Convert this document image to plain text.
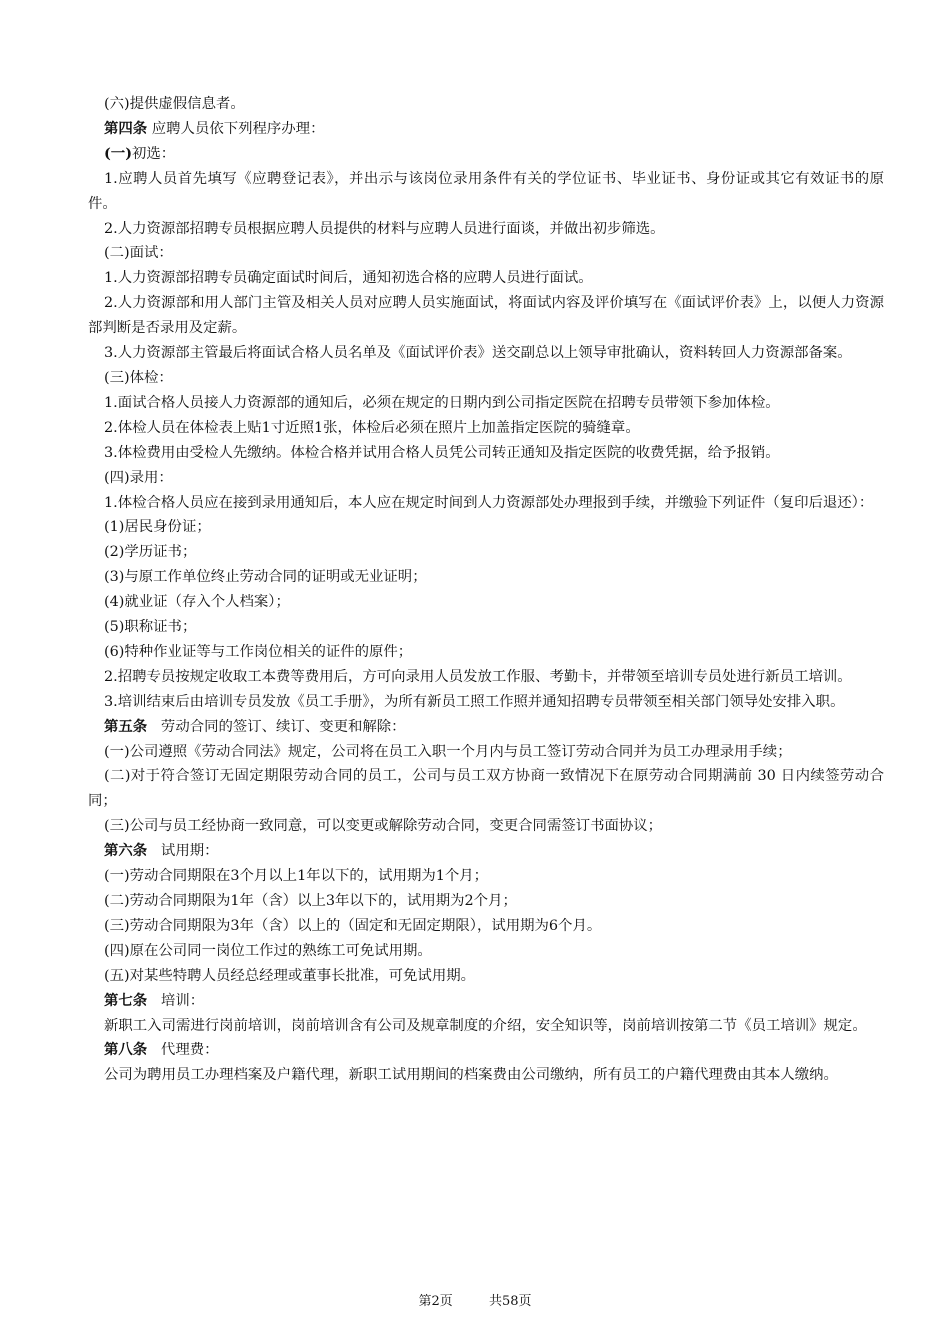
(六)提供虚假信息者。

第四条 应聘人员依下列程序办理：

(一)初选：

1.应聘人员首先填写《应聘登记表》，并出示与该岗位录用条件有关的学位证书、毕业证书、身份证或其它有效证书的原件。

2.人力资源部招聘专员根据应聘人员提供的材料与应聘人员进行面谈，并做出初步筛选。

(二)面试：

1.人力资源部招聘专员确定面试时间后，通知初选合格的应聘人员进行面试。

2.人力资源部和用人部门主管及相关人员对应聘人员实施面试，将面试内容及评价填写在《面试评价表》上，以便人力资源部判断是否录用及定薪。

3.人力资源部主管最后将面试合格人员名单及《面试评价表》送交副总以上领导审批确认，资料转回人力资源部备案。

(三)体检：

1.面试合格人员接人力资源部的通知后，必须在规定的日期内到公司指定医院在招聘专员带领下参加体检。

2.体检人员在体检表上贴1寸近照1张，体检后必须在照片上加盖指定医院的骑缝章。

3.体检费用由受检人先缴纳。体检合格并试用合格人员凭公司转正通知及指定医院的收费凭据，给予报销。

(四)录用：

1.体检合格人员应在接到录用通知后，本人应在规定时间到人力资源部处办理报到手续，并缴验下列证件（复印后退还）：

(1)居民身份证；

(2)学历证书；

(3)与原工作单位终止劳动合同的证明或无业证明；

(4)就业证（存入个人档案）；

(5)职称证书；

(6)特种作业证等与工作岗位相关的证件的原件；

2.招聘专员按规定收取工本费等费用后，方可向录用人员发放工作服、考勤卡，并带领至培训专员处进行新员工培训。

3.培训结束后由培训专员发放《员工手册》，为所有新员工照工作照并通知招聘专员带领至相关部门领导处安排入职。

第五条 劳动合同的签订、续订、变更和解除：

(一)公司遵照《劳动合同法》规定，公司将在员工入职一个月内与员工签订劳动合同并为员工办理录用手续；

(二)对于符合签订无固定期限劳动合同的员工，公司与员工双方协商一致情况下在原劳动合同期满前 30 日内续签劳动合同；

(三)公司与员工经协商一致同意，可以变更或解除劳动合同，变更合同需签订书面协议；

第六条 试用期：

(一)劳动合同期限在3个月以上1年以下的，试用期为1个月；

(二)劳动合同期限为1年（含）以上3年以下的，试用期为2个月；

(三)劳动合同期限为3年（含）以上的（固定和无固定期限），试用期为6个月。

(四)原在公司同一岗位工作过的熟练工可免试用期。

(五)对某些特聘人员经总经理或董事长批准，可免试用期。

第七条 培训：

新职工入司需进行岗前培训，岗前培训含有公司及规章制度的介绍，安全知识等，岗前培训按第二节《员工培训》规定。

第八条 代理费：

公司为聘用员工办理档案及户籍代理，新职工试用期间的档案费由公司缴纳，所有员工的户籍代理费由其本人缴纳。

第2页	共58页
